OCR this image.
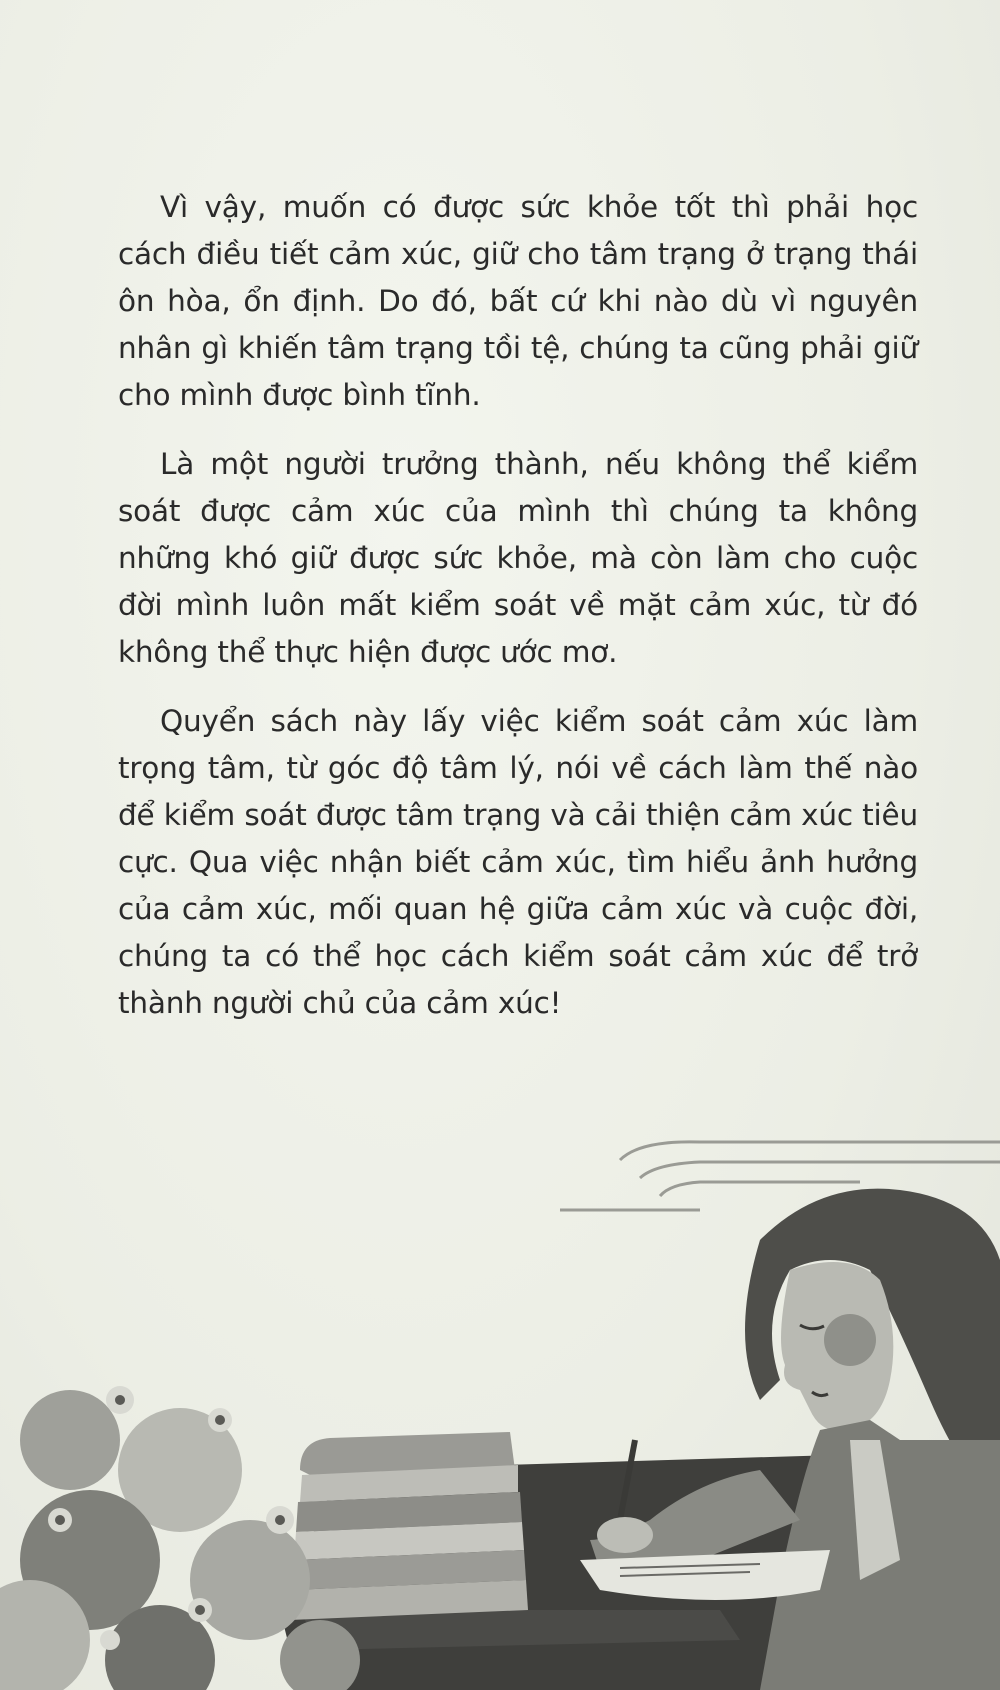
Vì vậy, muốn có được sức khỏe tốt thì phải học cách điều tiết cảm xúc, giữ cho tâm trạng ở trạng thái ôn hòa, ổn định. Do đó, bất cứ khi nào dù vì nguyên nhân gì khiến tâm trạng tồi tệ, chúng ta cũng phải giữ cho mình được bình tĩnh.

Là một người trưởng thành, nếu không thể kiểm soát được cảm xúc của mình thì chúng ta không những khó giữ được sức khỏe, mà còn làm cho cuộc đời mình luôn mất kiểm soát về mặt cảm xúc, từ đó không thể thực hiện được ước mơ.

Quyển sách này lấy việc kiểm soát cảm xúc làm trọng tâm, từ góc độ tâm lý, nói về cách làm thế nào để kiểm soát được tâm trạng và cải thiện cảm xúc tiêu cực. Qua việc nhận biết cảm xúc, tìm hiểu ảnh hưởng của cảm xúc, mối quan hệ giữa cảm xúc và cuộc đời, chúng ta có thể học cách kiểm soát cảm xúc để trở thành người chủ của cảm xúc!
